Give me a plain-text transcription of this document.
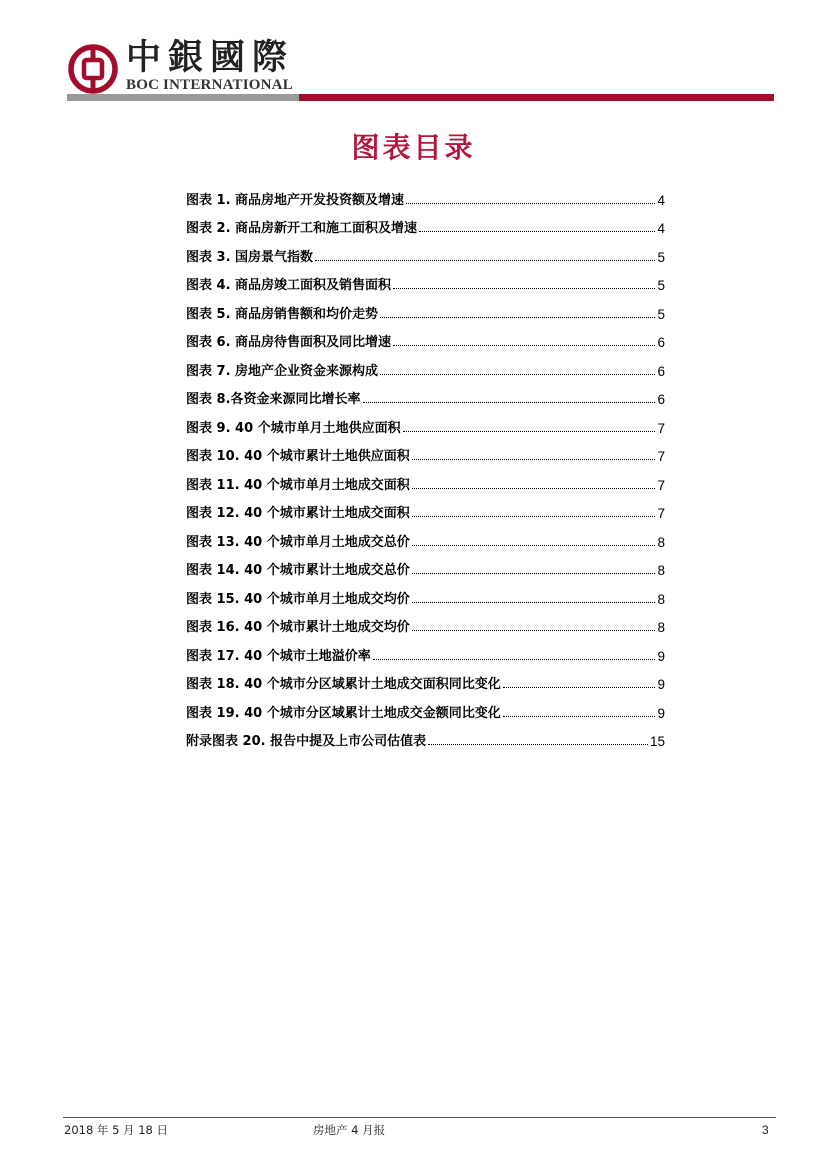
中銀國際
BOC INTERNATIONAL
图表目录
图表 1. 商品房地产开发投资额及增速	4
图表 2. 商品房新开工和施工面积及增速	4
图表 3. 国房景气指数	5
图表 4. 商品房竣工面积及销售面积	5
图表 5. 商品房销售额和均价走势	5
图表 6. 商品房待售面积及同比增速	6
图表 7. 房地产企业资金来源构成	6
图表 8.各资金来源同比增长率	6
图表 9. 40 个城市单月土地供应面积	7
图表 10. 40 个城市累计土地供应面积	7
图表 11. 40 个城市单月土地成交面积	7
图表 12. 40 个城市累计土地成交面积	7
图表 13. 40 个城市单月土地成交总价	8
图表 14. 40 个城市累计土地成交总价	8
图表 15. 40 个城市单月土地成交均价	8
图表 16. 40 个城市累计土地成交均价	8
图表 17. 40 个城市土地溢价率	9
图表 18. 40 个城市分区域累计土地成交面积同比变化	9
图表 19. 40 个城市分区域累计土地成交金额同比变化	9
附录图表 20. 报告中提及上市公司估值表	15
2018 年 5 月 18 日	房地产 4 月报	3
